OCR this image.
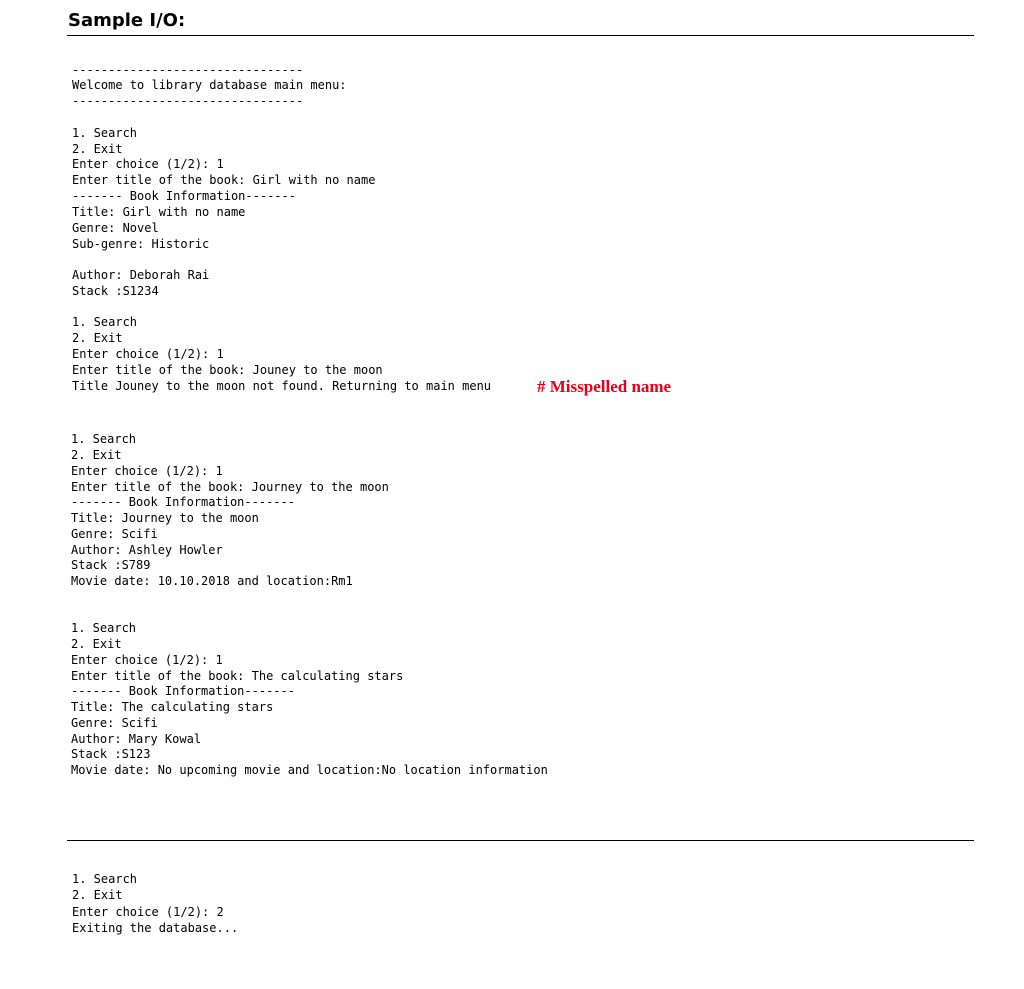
Sample I/O:
--------------------------------
Welcome to library database main menu:
--------------------------------
1. Search
2. Exit
Enter choice (1/2): 1
Enter title of the book: Girl with no name
------- Book Information-------
Title: Girl with no name
Genre: Novel
Sub-genre: Historic
Author: Deborah Rai
Stack :S1234
1. Search
2. Exit
Enter choice (1/2): 1
Enter title of the book: Jouney to the moon
Title Jouney to the moon not found. Returning to main menu
1. Search
2. Exit
Enter choice (1/2): 1
Enter title of the book: Journey to the moon
------- Book Information-------
Title: Journey to the moon
Genre: Scifi
Author: Ashley Howler
Stack :S789
Movie date: 10.10.2018 and location:Rm1
1. Search
2. Exit
Enter choice (1/2): 1
Enter title of the book: The calculating stars
------- Book Information-------
Title: The calculating stars
Genre: Scifi
Author: Mary Kowal
Stack :S123
Movie date: No upcoming movie and location:No location information
1. Search
2. Exit
Enter choice (1/2): 2
Exiting the database...
# Misspelled name
